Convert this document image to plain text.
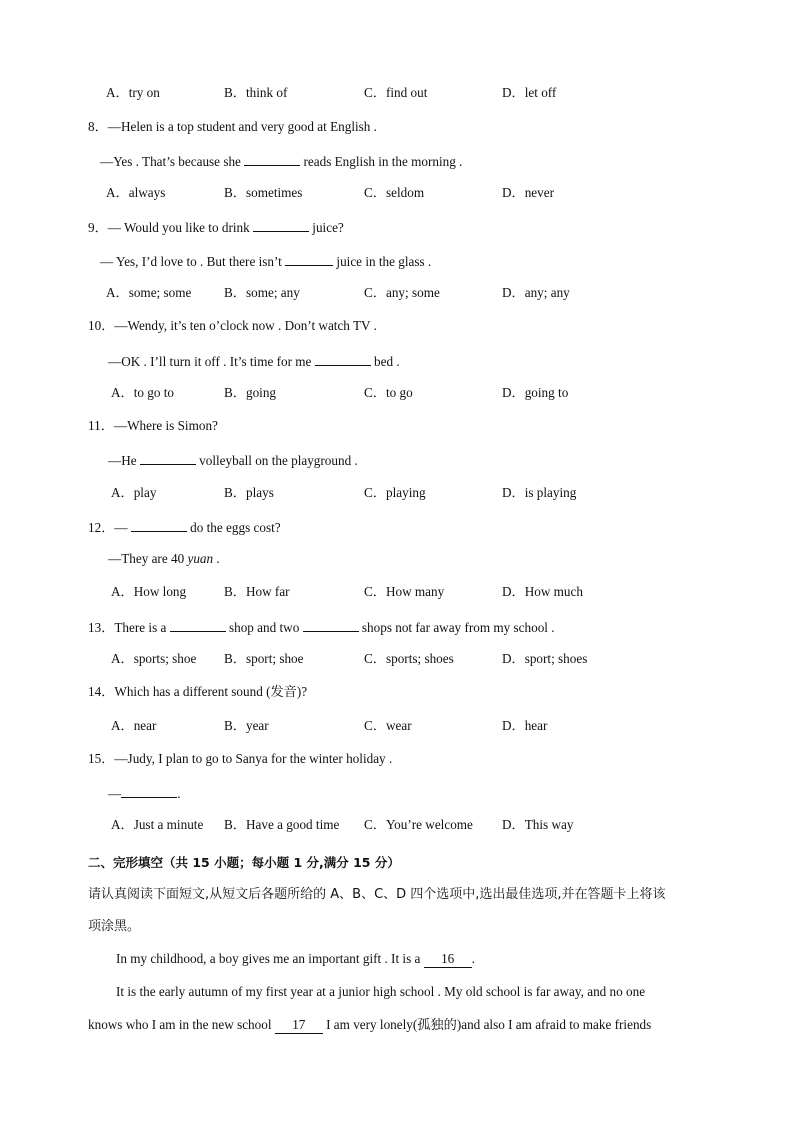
A．try on	B．think of	C．find out	D．let off
8．—Helen is a top student and very good at English .
—Yes . That’s because she	reads English in the morning .
A．always	B．sometimes	C．seldom	D．never
9．— Would you like to drink	juice?
— Yes, I’d love to . But there isn’t	juice in the glass .
A．some; some B．some; any	C．any; some	D．any; any
10．—Wendy, it’s ten o’clock now . Don’t watch TV .
—OK . I’ll turn it off . It’s time for me	bed .
A．to go to	B．going	C．to go	D．going to
11．—Where is Simon?
—He	volleyball on the playground .
A．play	B．plays	C．playing	D．is playing
12．—	do the eggs cost?
—They are 40 yuan .
A．How long	B．How far	C．How many	D．How much
13．There is a	shop and two	shops not far away from my school .
A．sports; shoe B．sport; shoe	C．sports; shoes	D．sport; shoes
14．Which has a different sound (发音)?
A．near	B．year	C．wear	D．hear
15．—Judy, I plan to go to Sanya for the winter holiday .
—	.
A．Just a minute B．Have a good time C．You’re welcome D．This way
二、完形填空（共 15 小题；每小题 1 分,满分 15 分）
请认真阅读下面短文,从短文后各题所给的 A、B、C、D 四个选项中,选出最佳选项,并在答题卡上将该
项涂黑。
In my childhood, a boy gives me an important gift . It is a 16 .
It is the early autumn of my first year at a junior high school . My old school is far away, and no one
knows who I am in the new school 17 I am very lonely(孤独的)and also I am afraid to make friends
